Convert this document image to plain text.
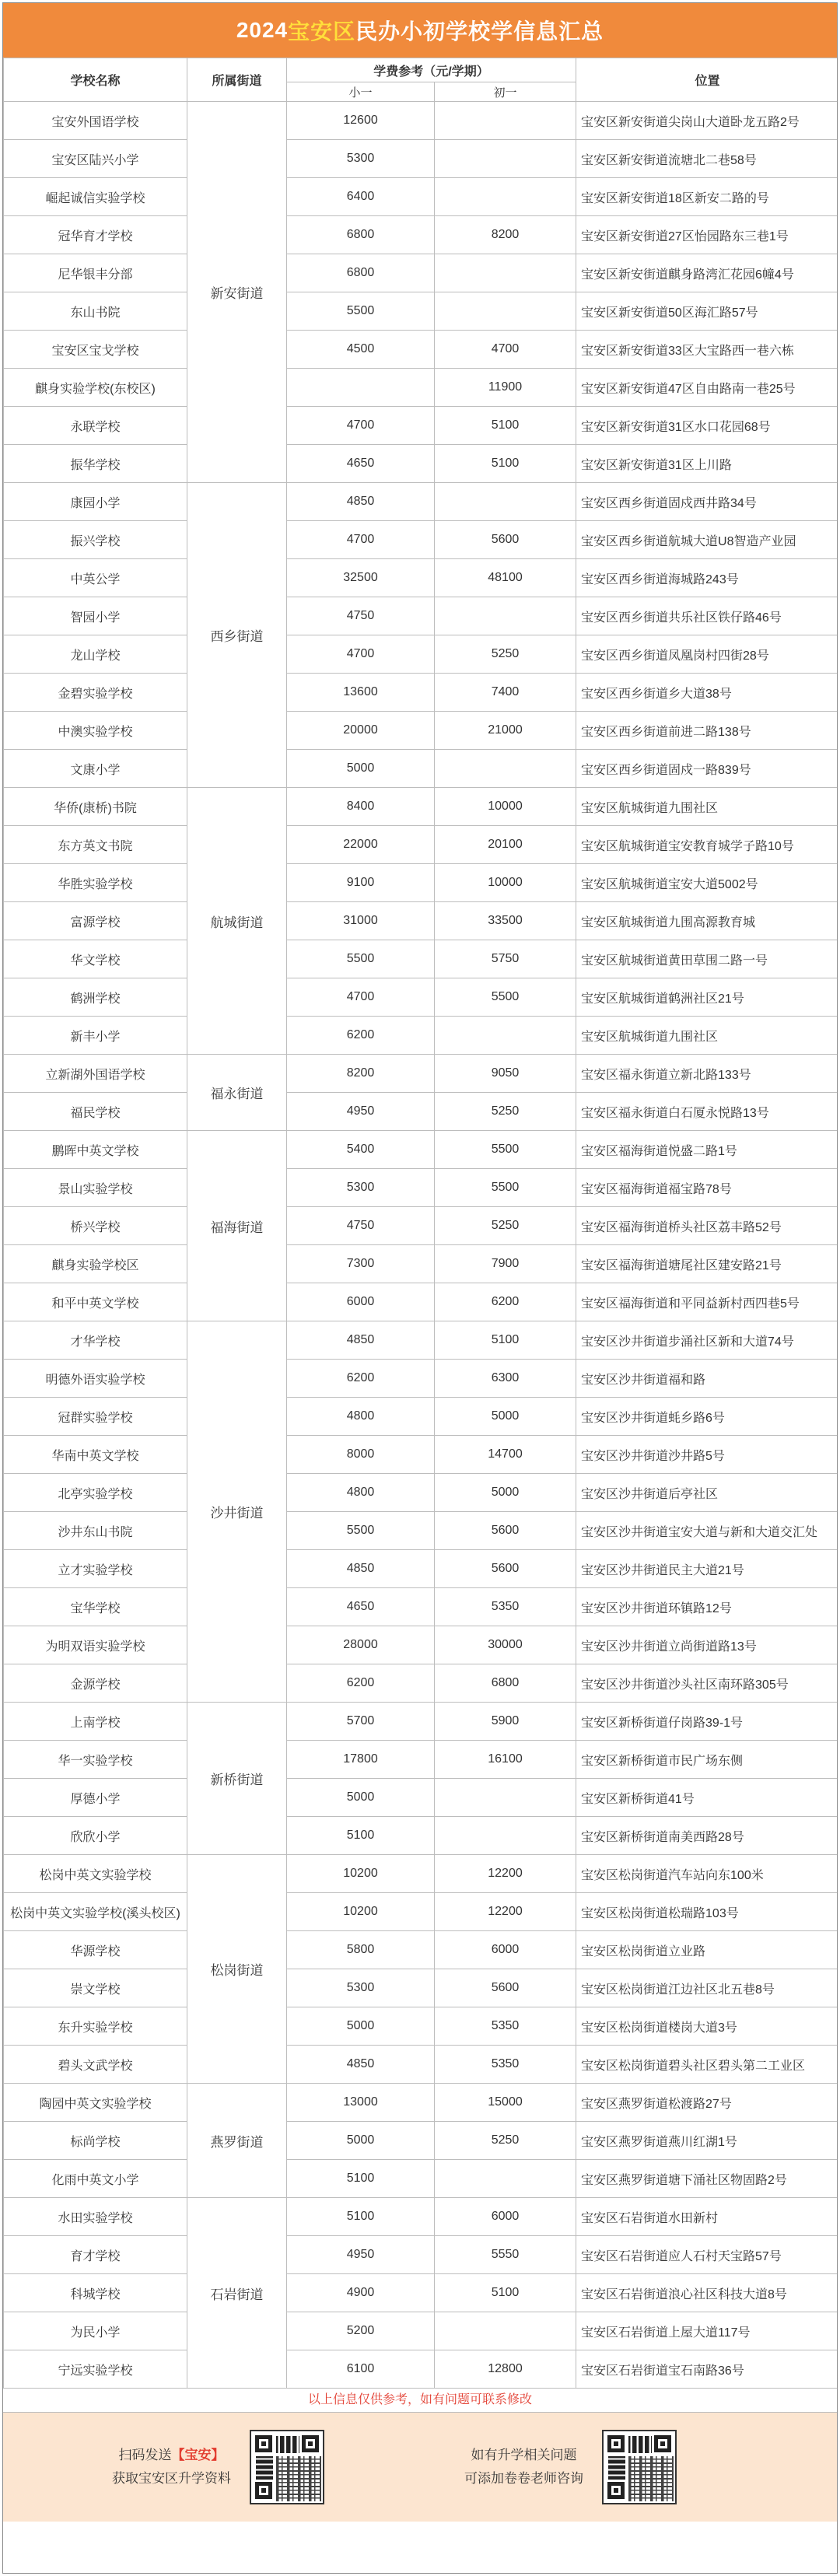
2024 宝安区 民办小初学校学信息汇总
学校名称	所属街道	学费参考（元/学期）		位置
		小一	初一	
宝安外国语学校	新安街道	12600		宝安区新安街道尖岗山大道卧龙五路2号
宝安区陆兴小学		5300		宝安区新安街道流塘北二巷58号
崛起诚信实验学校		6400		宝安区新安街道18区新安二路的号
冠华育才学校		6800	8200	宝安区新安街道27区怡园路东三巷1号
尼华银丰分部		6800		宝安区新安街道麒身路湾汇花园6幢4号
东山书院		5500		宝安区新安街道50区海汇路57号
宝安区宝戈学校		4500	4700	宝安区新安街道33区大宝路西一巷六栋
麒身实验学校(东校区)			11900	宝安区新安街道47区自由路南一巷25号
永联学校		4700	5100	宝安区新安街道31区水口花园68号
振华学校		4650	5100	宝安区新安街道31区上川路
康园小学	西乡街道	4850		宝安区西乡街道固戍西井路34号
振兴学校		4700	5600	宝安区西乡街道航城大道U8智造产业园
中英公学		32500	48100	宝安区西乡街道海城路243号
智园小学		4750		宝安区西乡街道共乐社区铁仔路46号
龙山学校		4700	5250	宝安区西乡街道凤凰岗村四街28号
金碧实验学校		13600	7400	宝安区西乡街道乡大道38号
中澳实验学校		20000	21000	宝安区西乡街道前进二路138号
文康小学		5000		宝安区西乡街道固戍一路839号
华侨(康桥)书院	航城街道	8400	10000	宝安区航城街道九围社区
东方英文书院		22000	20100	宝安区航城街道宝安教育城学子路10号
华胜实验学校		9100	10000	宝安区航城街道宝安大道5002号
富源学校		31000	33500	宝安区航城街道九围高源教育城
华文学校		5500	5750	宝安区航城街道黄田草围二路一号
鹤洲学校		4700	5500	宝安区航城街道鹤洲社区21号
新丰小学		6200		宝安区航城街道九围社区
立新湖外国语学校	福永街道	8200	9050	宝安区福永街道立新北路133号
福民学校		4950	5250	宝安区福永街道白石厦永悦路13号
鹏晖中英文学校	福海街道	5400	5500	宝安区福海街道悦盛二路1号
景山实验学校		5300	5500	宝安区福海街道福宝路78号
桥兴学校		4750	5250	宝安区福海街道桥头社区荔丰路52号
麒身实验学校区		7300	7900	宝安区福海街道塘尾社区建安路21号
和平中英文学校		6000	6200	宝安区福海街道和平同益新村西四巷5号
才华学校	沙井街道	4850	5100	宝安区沙井街道步涌社区新和大道74号
明德外语实验学校		6200	6300	宝安区沙井街道福和路
冠群实验学校		4800	5000	宝安区沙井街道蚝乡路6号
华南中英文学校		8000	14700	宝安区沙井街道沙井路5号
北亭实验学校		4800	5000	宝安区沙井街道后亭社区
沙井东山书院		5500	5600	宝安区沙井街道宝安大道与新和大道交汇处
立才实验学校		4850	5600	宝安区沙井街道民主大道21号
宝华学校		4650	5350	宝安区沙井街道环镇路12号
为明双语实验学校		28000	30000	宝安区沙井街道立尚街道路13号
金源学校		6200	6800	宝安区沙井街道沙头社区南环路305号
上南学校	新桥街道	5700	5900	宝安区新桥街道仔岗路39-1号
华一实验学校		17800	16100	宝安区新桥街道市民广场东侧
厚德小学		5000		宝安区新桥街道41号
欣欣小学		5100		宝安区新桥街道南美西路28号
松岗中英文实验学校	松岗街道	10200	12200	宝安区松岗街道汽车站向东100米
松岗中英文实验学校(溪头校区)		10200	12200	宝安区松岗街道松瑞路103号
华源学校		5800	6000	宝安区松岗街道立业路
崇文学校		5300	5600	宝安区松岗街道江边社区北五巷8号
东升实验学校		5000	5350	宝安区松岗街道楼岗大道3号
碧头文武学校		4850	5350	宝安区松岗街道碧头社区碧头第二工业区
陶园中英文实验学校	燕罗街道	13000	15000	宝安区燕罗街道松渡路27号
标尚学校		5000	5250	宝安区燕罗街道燕川红湖1号
化雨中英文小学		5100		宝安区燕罗街道塘下涌社区物固路2号
水田实验学校	石岩街道	5100	6000	宝安区石岩街道水田新村
育才学校		4950	5550	宝安区石岩街道应人石村天宝路57号
科城学校		4900	5100	宝安区石岩街道浪心社区科技大道8号
为民小学		5200		宝安区石岩街道上屋大道117号
宁远实验学校		6100	12800	宝安区石岩街道宝石南路36号
以上信息仅供参考，如有问题可联系修改
扫码发送【宝安】
获取宝安区升学资料
如有升学相关问题
可添加卷卷老师咨询
